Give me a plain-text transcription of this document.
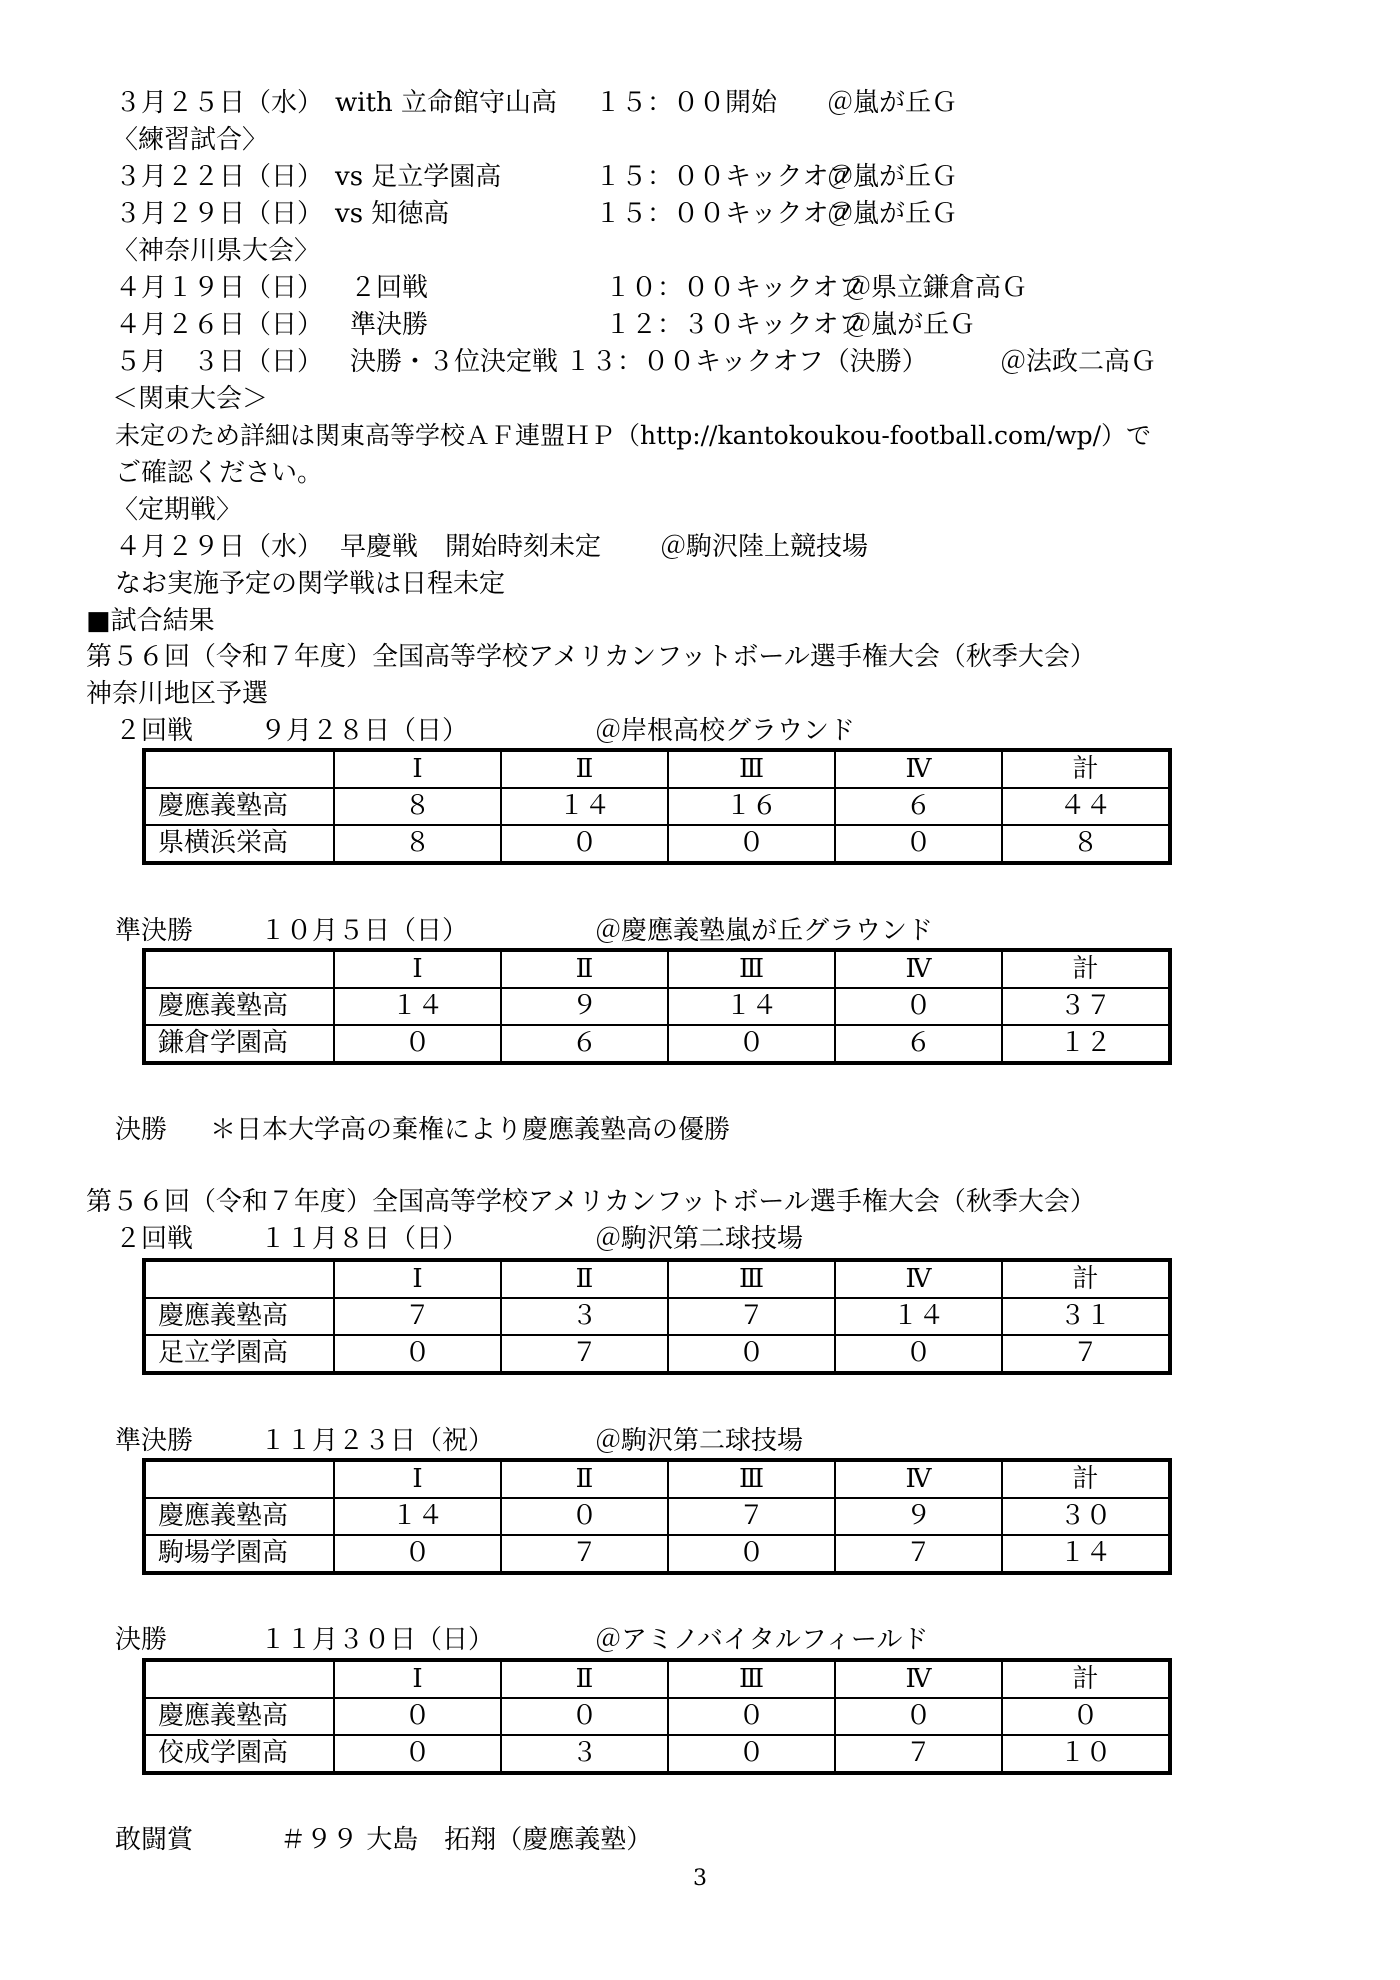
３月２５日（水） with 立命館守山高 １５：００開始 ＠嵐が丘Ｇ
〈練習試合〉
３月２２日（日） vs 足立学園高	１５：００キックオフ
＠嵐が丘Ｇ
３月２９日（日） vs 知徳高	１５：００キックオフ
＠嵐が丘Ｇ
〈神奈川県大会〉
４月１９日（日） ２回戦	１０：００キックオフ
＠県立鎌倉高Ｇ
４月２６日（日） 準決勝	１２：３０キックオフ
＠嵐が丘Ｇ
５月　３日（日） 決勝・３位決定戦 １３：００キックオフ（決勝）	＠法政二高Ｇ
＜関東大会＞
未定のため詳細は関東高等学校ＡＦ連盟ＨＰ（http://kantokoukou-football.com/wp/）で
ご確認ください。
〈定期戦〉
４月２９日（水） 早慶戦 開始時刻未定 ＠駒沢陸上競技場
なお実施予定の関学戦は日程未定
■試合結果
第５６回（令和７年度）全国高等学校アメリカンフットボール選手権大会（秋季大会）
神奈川地区予選
２回戦	９月２８日（日）	＠岸根高校グラウンド
	Ⅰ	Ⅱ	Ⅲ	Ⅳ	計
慶應義塾高	８	１４	１６	６	４４
県横浜栄高	８	０	０	０	８
準決勝	１０月５日（日）	＠慶應義塾嵐が丘グラウンド
	Ⅰ	Ⅱ	Ⅲ	Ⅳ	計
慶應義塾高	１４	９	１４	０	３７
鎌倉学園高	０	６	０	６	１２
決勝 ＊日本大学高の棄権により慶應義塾高の優勝
第５６回（令和７年度）全国高等学校アメリカンフットボール選手権大会（秋季大会）
２回戦	１１月８日（日）	＠駒沢第二球技場
	Ⅰ	Ⅱ	Ⅲ	Ⅳ	計
慶應義塾高	７	３	７	１４	３１
足立学園高	０	７	０	０	７
準決勝	１１月２３日（祝）	＠駒沢第二球技場
	Ⅰ	Ⅱ	Ⅲ	Ⅳ	計
慶應義塾高	１４	０	７	９	３０
駒場学園高	０	７	０	７	１４
決勝	１１月３０日（日）	＠アミノバイタルフィールド
	Ⅰ	Ⅱ	Ⅲ	Ⅳ	計
慶應義塾高	０	０	０	０	０
佼成学園高	０	３	０	７	１０
敢闘賞	＃９９ 大島　拓翔（慶應義塾）
3
